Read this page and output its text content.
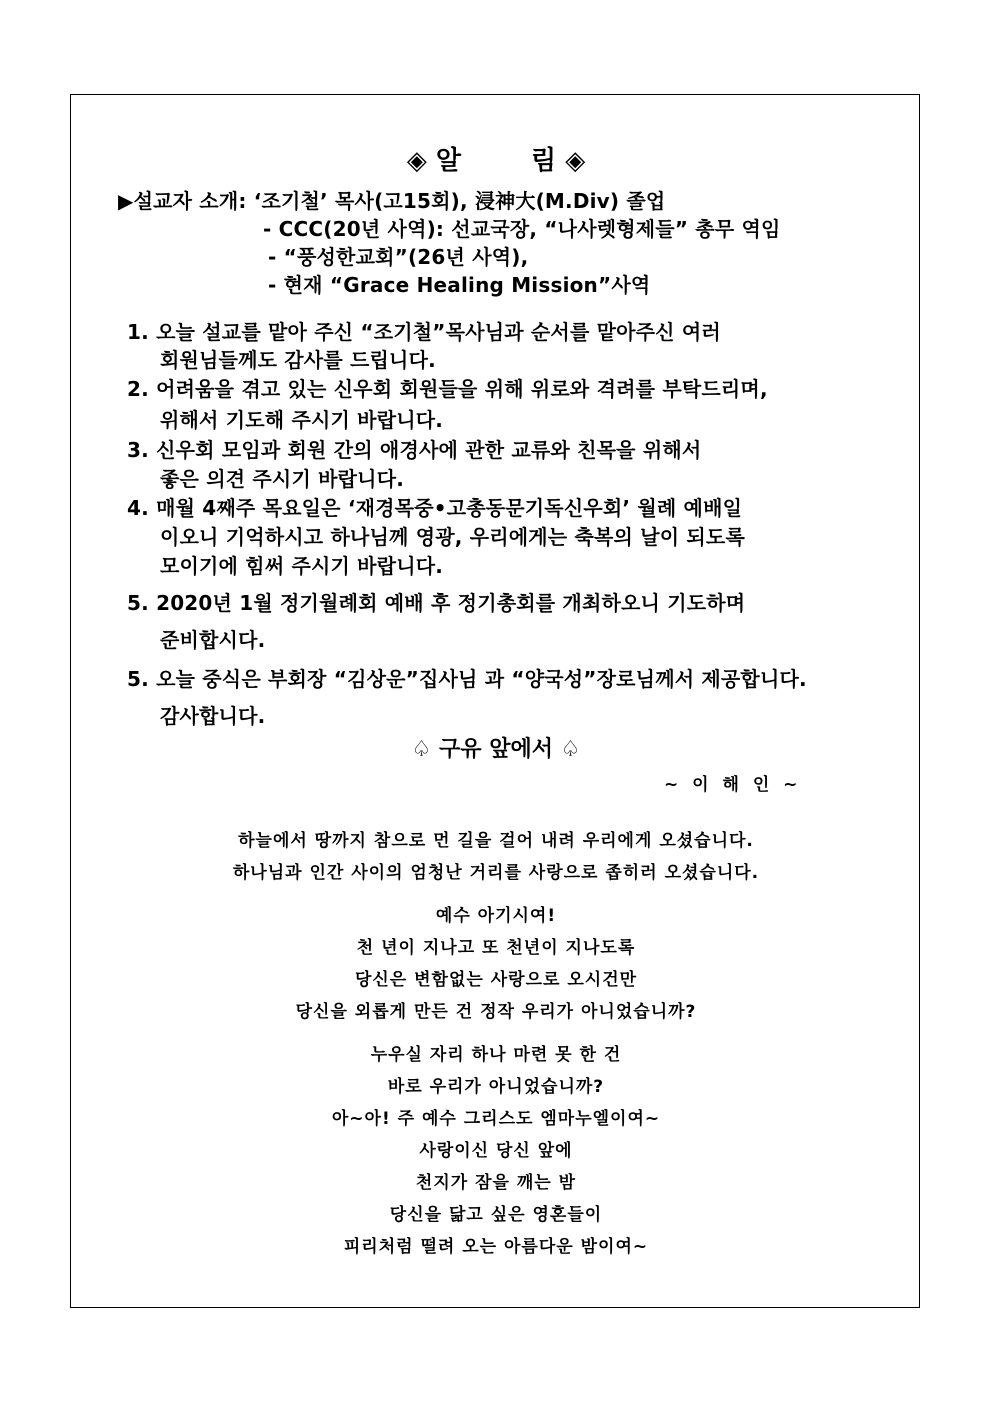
◈ 알	림 ◈
▶설교자 소개: ‘조기철’ 목사(고15회), 浸神大(M.Div) 졸업
- CCC(20년 사역): 선교국장, “나사렛형제들” 총무 역임
- “풍성한교회”(26년 사역),
- 현재 “Grace Healing Mission”사역
1. 오늘 설교를 맡아 주신 “조기철”목사님과 순서를 맡아주신 여러
회원님들께도 감사를 드립니다.
2. 어려움을 겪고 있는 신우회 회원들을 위해 위로와 격려를 부탁드리며,
위해서 기도해 주시기 바랍니다.
3. 신우회 모임과 회원 간의 애경사에 관한 교류와 친목을 위해서
좋은 의견 주시기 바랍니다.
4. 매월 4째주 목요일은 ‘재경목중•고총동문기독신우회’ 월례 예배일
이오니 기억하시고 하나님께 영광, 우리에게는 축복의 날이 되도록
모이기에 힘써 주시기 바랍니다.
5. 2020년 1월 정기월례회 예배 후 정기총회를 개최하오니 기도하며
준비합시다.
5. 오늘 중식은 부회장 “김상운”집사님 과 “양국성”장로님께서 제공합니다.
감사합니다.
♤ 구유 앞에서 ♤
~ 이 해 인 ~
하늘에서 땅까지 참으로 먼 길을 걸어 내려 우리에게 오셨습니다.
하나님과 인간 사이의 엄청난 거리를 사랑으로 좁히러 오셨습니다.
예수 아기시여!
천 년이 지나고 또 천년이 지나도록
당신은 변함없는 사랑으로 오시건만
당신을 외롭게 만든 건 정작 우리가 아니었습니까?
누우실 자리 하나 마련 못 한 건
바로 우리가 아니었습니까?
아~아! 주 예수 그리스도 엠마누엘이여~
사랑이신 당신 앞에
천지가 잠을 깨는 밤
당신을 닮고 싶은 영혼들이
피리처럼 떨려 오는 아름다운 밤이여~
